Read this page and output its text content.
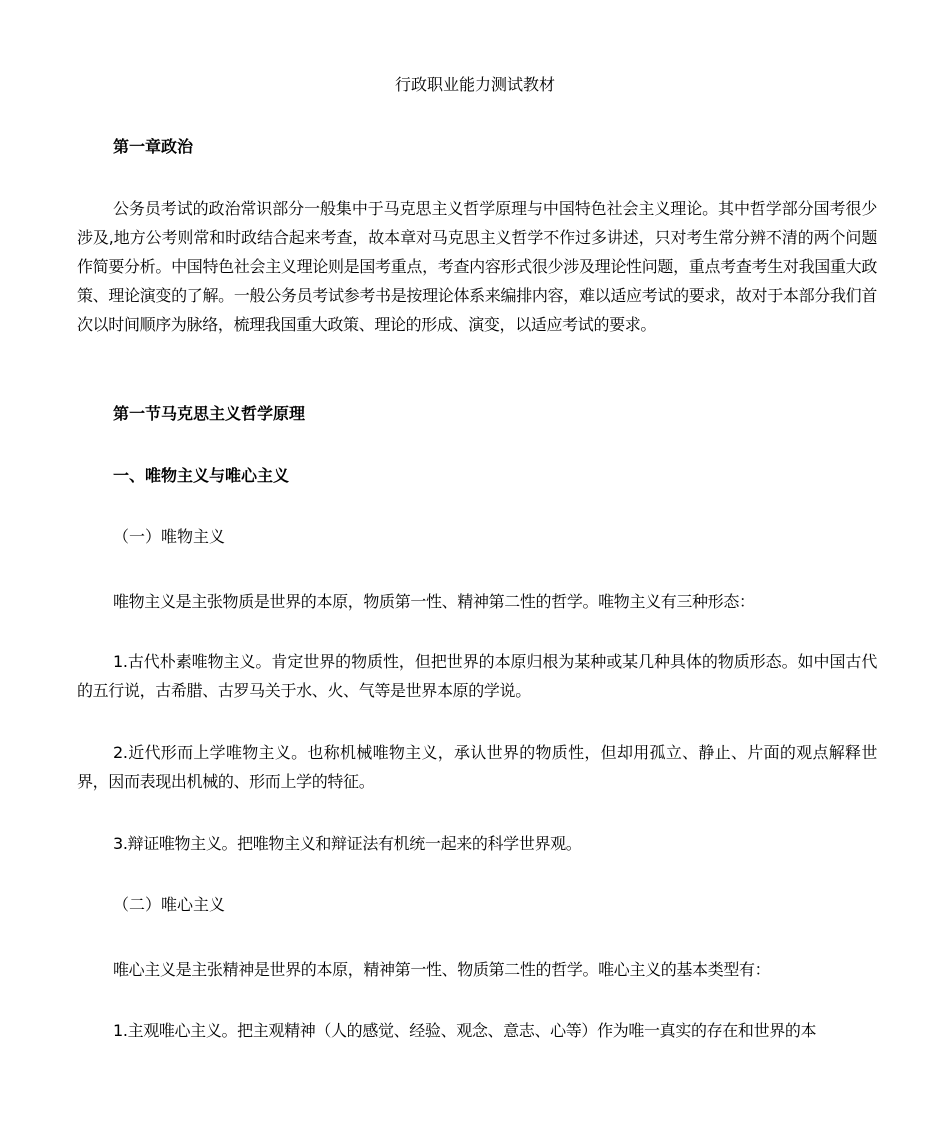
行政职业能力测试教材
第一章政治

公务员考试的政治常识部分一般集中于马克思主义哲学原理与中国特色社会主义理论。其中哲学部分国考很少涉及,地方公考则常和时政结合起来考查，故本章对马克思主义哲学不作过多讲述，只对考生常分辨不清的两个问题作简要分析。中国特色社会主义理论则是国考重点，考查内容形式很少涉及理论性问题，重点考查考生对我国重大政策、理论演变的了解。一般公务员考试参考书是按理论体系来编排内容，难以适应考试的要求，故对于本部分我们首次以时间顺序为脉络，梳理我国重大政策、理论的形成、演变，以适应考试的要求。

第一节马克思主义哲学原理
一、唯物主义与唯心主义

（一）唯物主义

唯物主义是主张物质是世界的本原，物质第一性、精神第二性的哲学。唯物主义有三种形态：

1.古代朴素唯物主义。肯定世界的物质性，但把世界的本原归根为某种或某几种具体的物质形态。如中国古代的五行说，古希腊、古罗马关于水、火、气等是世界本原的学说。

2.近代形而上学唯物主义。也称机械唯物主义，承认世界的物质性，但却用孤立、静止、片面的观点解释世界，因而表现出机械的、形而上学的特征。

3.辩证唯物主义。把唯物主义和辩证法有机统一起来的科学世界观。

（二）唯心主义

唯心主义是主张精神是世界的本原，精神第一性、物质第二性的哲学。唯心主义的基本类型有：

1.主观唯心主义。把主观精神（人的感觉、经验、观念、意志、心等）作为唯一真实的存在和世界的本
